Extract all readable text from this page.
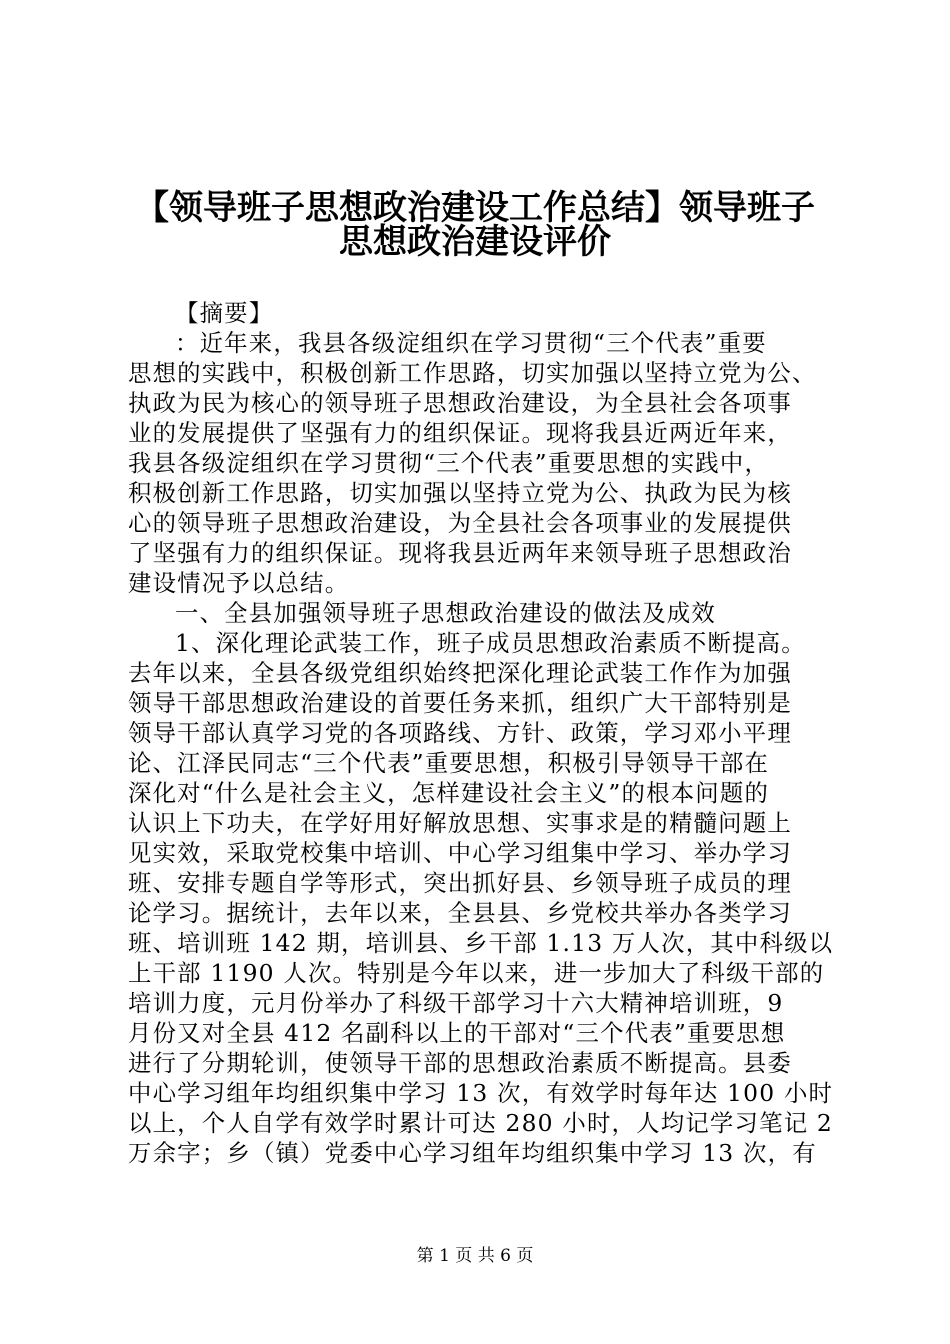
【领导班子思想政治建设工作总结】领导班子
思想政治建设评价
【摘要】
：近年来，我县各级淀组织在学习贯彻“三个代表”重要
思想的实践中，积极创新工作思路，切实加强以坚持立党为公、
执政为民为核心的领导班子思想政治建设，为全县社会各项事
业的发展提供了坚强有力的组织保证。现将我县近两近年来，
我县各级淀组织在学习贯彻“三个代表”重要思想的实践中，
积极创新工作思路，切实加强以坚持立党为公、执政为民为核
心的领导班子思想政治建设，为全县社会各项事业的发展提供
了坚强有力的组织保证。现将我县近两年来领导班子思想政治
建设情况予以总结。
一、全县加强领导班子思想政治建设的做法及成效
1、深化理论武装工作，班子成员思想政治素质不断提高。
去年以来，全县各级党组织始终把深化理论武装工作作为加强
领导干部思想政治建设的首要任务来抓，组织广大干部特别是
领导干部认真学习党的各项路线、方针、政策，学习邓小平理
论、江泽民同志“三个代表”重要思想，积极引导领导干部在
深化对“什么是社会主义，怎样建设社会主义”的根本问题的
认识上下功夫，在学好用好解放思想、实事求是的精髓问题上
见实效，采取党校集中培训、中心学习组集中学习、举办学习
班、安排专题自学等形式，突出抓好县、乡领导班子成员的理
论学习。据统计，去年以来，全县县、乡党校共举办各类学习
班、培训班 142 期，培训县、乡干部 1.13 万人次，其中科级以
上干部 1190 人次。特别是今年以来，进一步加大了科级干部的
培训力度，元月份举办了科级干部学习十六大精神培训班，9
月份又对全县 412 名副科以上的干部对“三个代表”重要思想
进行了分期轮训，使领导干部的思想政治素质不断提高。县委
中心学习组年均组织集中学习 13 次，有效学时每年达 100 小时
以上，个人自学有效学时累计可达 280 小时，人均记学习笔记 2
万余字；乡（镇）党委中心学习组年均组织集中学习 13 次，有
第 1 页 共 6 页
